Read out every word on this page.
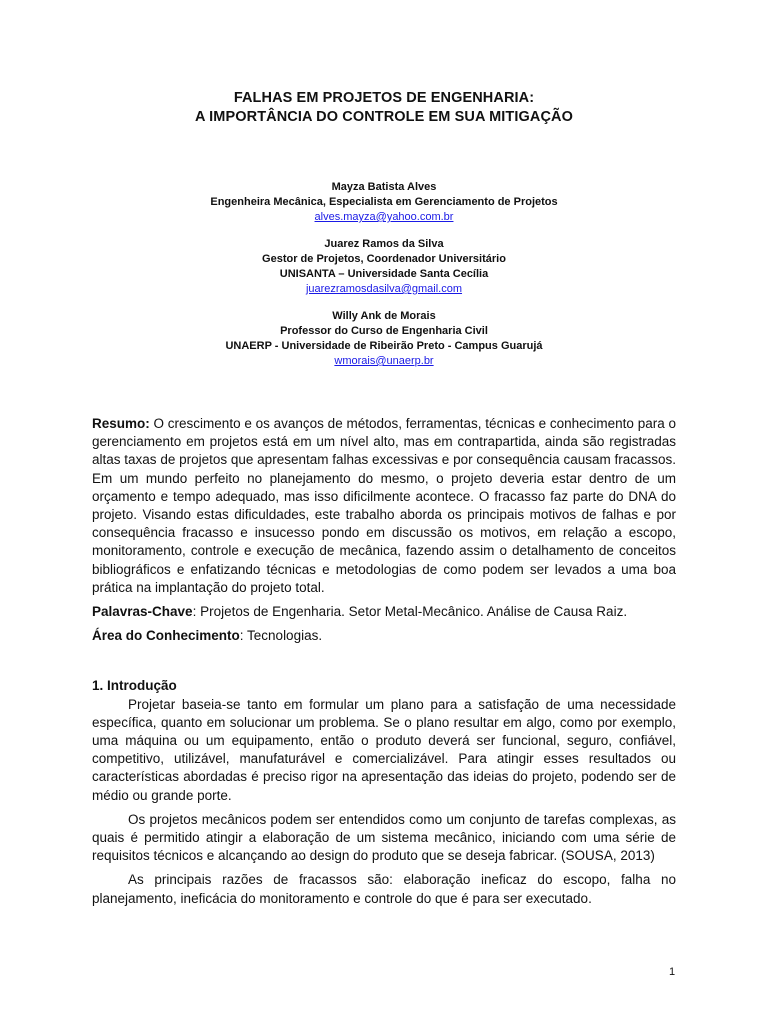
FALHAS EM PROJETOS DE ENGENHARIA:
A IMPORTÂNCIA DO CONTROLE EM SUA MITIGAÇÃO
Mayza Batista Alves
Engenheira Mecânica, Especialista em Gerenciamento de Projetos
alves.mayza@yahoo.com.br
Juarez Ramos da Silva
Gestor de Projetos, Coordenador Universitário
UNISANTA – Universidade Santa Cecília
juarezramosdasilva@gmail.com
Willy Ank de Morais
Professor do Curso de Engenharia Civil
UNAERP - Universidade de Ribeirão Preto - Campus Guarujá
wmorais@unaerp.br

Resumo: O crescimento e os avanços de métodos, ferramentas, técnicas e conhecimento para o gerenciamento em projetos está em um nível alto, mas em contrapartida, ainda são registradas altas taxas de projetos que apresentam falhas excessivas e por consequência causam fracassos. Em um mundo perfeito no planejamento do mesmo, o projeto deveria estar dentro de um orçamento e tempo adequado, mas isso dificilmente acontece. O fracasso faz parte do DNA do projeto. Visando estas dificuldades, este trabalho aborda os principais motivos de falhas e por consequência fracasso e insucesso pondo em discussão os motivos, em relação a escopo, monitoramento, controle e execução de mecânica, fazendo assim o detalhamento de conceitos bibliográficos e enfatizando técnicas e metodologias de como podem ser levados a uma boa prática na implantação do projeto total.

Palavras-Chave: Projetos de Engenharia. Setor Metal-Mecânico. Análise de Causa Raiz.

Área do Conhecimento: Tecnologias.

1. Introdução

Projetar baseia-se tanto em formular um plano para a satisfação de uma necessidade específica, quanto em solucionar um problema. Se o plano resultar em algo, como por exemplo, uma máquina ou um equipamento, então o produto deverá ser funcional, seguro, confiável, competitivo, utilizável, manufaturável e comercializável. Para atingir esses resultados ou características abordadas é preciso rigor na apresentação das ideias do projeto, podendo ser de médio ou grande porte.

Os projetos mecânicos podem ser entendidos como um conjunto de tarefas complexas, as quais é permitido atingir a elaboração de um sistema mecânico, iniciando com uma série de requisitos técnicos e alcançando ao design do produto que se deseja fabricar. (SOUSA, 2013)

As principais razões de fracassos são: elaboração ineficaz do escopo, falha no planejamento, ineficácia do monitoramento e controle do que é para ser executado.

1
